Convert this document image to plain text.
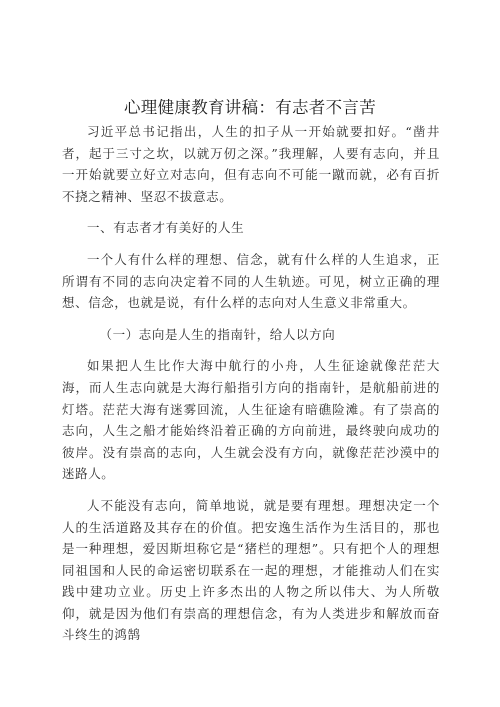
心理健康教育讲稿：有志者不言苦

习近平总书记指出，人生的扣子从一开始就要扣好。“凿井者，起于三寸之坎，以就万仞之深。”我理解，人要有志向，并且一开始就要立好立对志向，但有志向不可能一蹴而就，必有百折不挠之精神、坚忍不拔意志。

一、有志者才有美好的人生

一个人有什么样的理想、信念，就有什么样的人生追求，正所谓有不同的志向决定着不同的人生轨迹。可见，树立正确的理想、信念，也就是说，有什么样的志向对人生意义非常重大。

（一）志向是人生的指南针，给人以方向

如果把人生比作大海中航行的小舟，人生征途就像茫茫大海，而人生志向就是大海行船指引方向的指南针，是航船前进的灯塔。茫茫大海有迷雾回流，人生征途有暗礁险滩。有了崇高的志向，人生之船才能始终沿着正确的方向前进，最终驶向成功的彼岸。没有崇高的志向，人生就会没有方向，就像茫茫沙漠中的迷路人。

人不能没有志向，简单地说，就是要有理想。理想决定一个人的生活道路及其存在的价值。把安逸生活作为生活目的，那也是一种理想，爱因斯坦称它是“猪栏的理想”。只有把个人的理想同祖国和人民的命运密切联系在一起的理想，才能推动人们在实践中建功立业。历史上许多杰出的人物之所以伟大、为人所敬仰，就是因为他们有崇高的理想信念，有为人类进步和解放而奋斗终生的鸿鹄
